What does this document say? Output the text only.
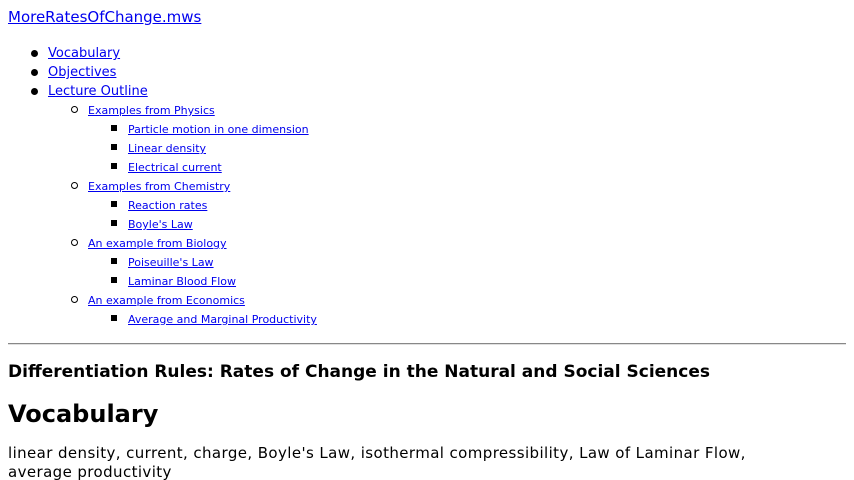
MoreRatesOfChange.mws
Vocabulary
Objectives
Lecture Outline
Examples from Physics
Particle motion in one dimension
Linear density
Electrical current
Examples from Chemistry
Reaction rates
Boyle's Law
An example from Biology
Poiseuille's Law
Laminar Blood Flow
An example from Economics
Average and Marginal Productivity
Differentiation Rules: Rates of Change in the Natural and Social Sciences
Vocabulary

linear density, current, charge, Boyle's Law, isothermal compressibility, Law of Laminar Flow, average productivity
